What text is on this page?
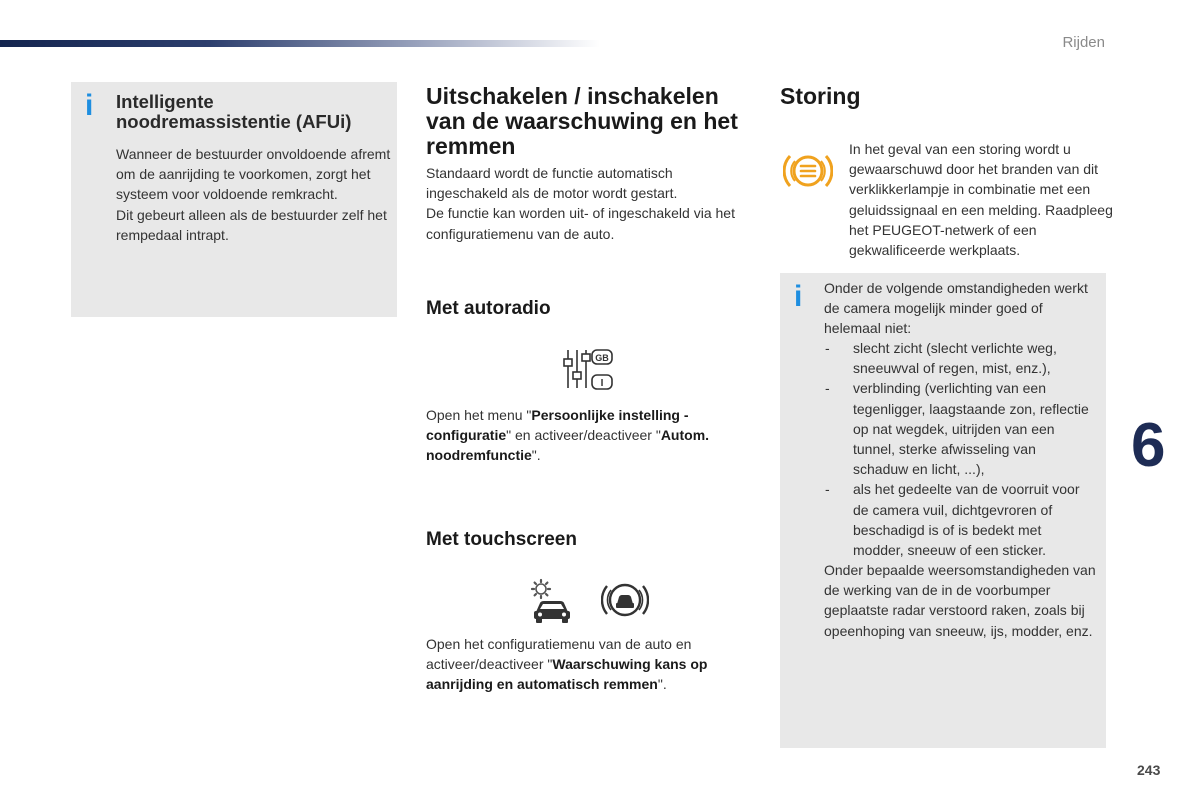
Rijden
i Intelligente noodremassistentie (AFUi)

Wanneer de bestuurder onvoldoende afremt om de aanrijding te voorkomen, zorgt het systeem voor voldoende remkracht.

Dit gebeurt alleen als de bestuurder zelf het rempedaal intrapt.

Uitschakelen / inschakelen van de waarschuwing en het remmen

Standaard wordt de functie automatisch ingeschakeld als de motor wordt gestart.

De functie kan worden uit- of ingeschakeld via het configuratiemenu van de auto.

Met autoradio
GB
I

Open het menu "Persoonlijke instelling - configuratie" en activeer/deactiveer "Autom. noodremfunctie".

Met touchscreen

Open het configuratiemenu van de auto en activeer/deactiveer "Waarschuwing kans op aanrijding en automatisch remmen".

Storing

In het geval van een storing wordt u gewaarschuwd door het branden van dit verklikkerlampje in combinatie met een geluidssignaal en een melding. Raadpleeg het PEUGEOT-netwerk of een gekwalificeerde werkplaats.

i Onder de volgende omstandigheden werkt de camera mogelijk minder goed of helemaal niet:

- slecht zicht (slecht verlichte weg, sneeuwval of regen, mist, enz.),
- verblinding (verlichting van een tegenligger, laagstaande zon, reflectie op nat wegdek, uitrijden van een tunnel, sterke afwisseling van schaduw en licht, ...),
- als het gedeelte van de voorruit voor de camera vuil, dichtgevroren of beschadigd is of is bedekt met modder, sneeuw of een sticker.

Onder bepaalde weersomstandigheden van de werking van de in de voorbumper geplaatste radar verstoord raken, zoals bij opeenhoping van sneeuw, ijs, modder, enz.

6
243
